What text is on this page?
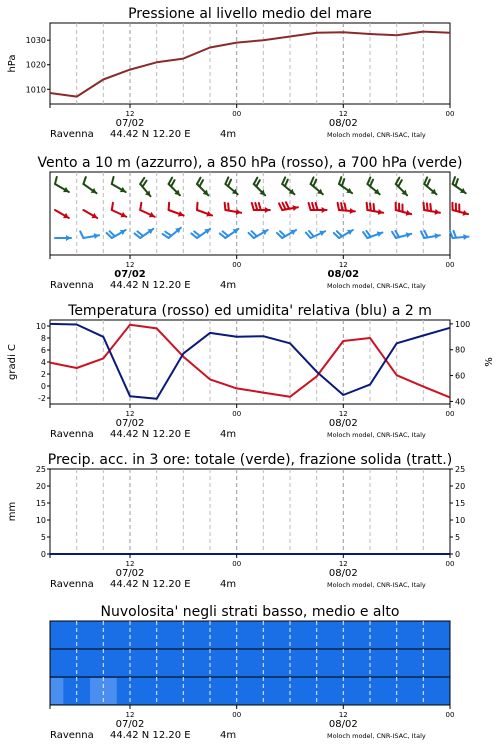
Pressione al livello medio del mare
1010
1020
1030
hPa
12	00	12	00
07/02	08/02
Ravenna 44.42 N 12.20 E	4m	Moloch model, CNR-ISAC, Italy
Vento a 10 m (azzurro), a 850 hPa (rosso), a 700 hPa (verde)
12	00	12	00
07/02	08/02
Ravenna 44.42 N 12.20 E	4m	Moloch model, CNR-ISAC, Italy
Temperatura (rosso) ed umidita' relativa (blu) a 2 m
-2
0
2
4
6
8
10
40
60
80
100
gradi C	%
12	00	12	00
07/02	08/02
Ravenna 44.42 N 12.20 E	4m	Moloch model, CNR-ISAC, Italy
Precip. acc. in 3 ore: totale (verde), frazione solida (tratt.)
0
5
10
15
20
25
0
5
10
15
20
25
mm
12	00	12	00
07/02	08/02
Ravenna 44.42 N 12.20 E	4m	Moloch model, CNR-ISAC, Italy
Nuvolosita' negli strati basso, medio e alto
12	00	12	00
07/02	08/02
Ravenna 44.42 N 12.20 E	4m	Moloch model, CNR-ISAC, Italy
